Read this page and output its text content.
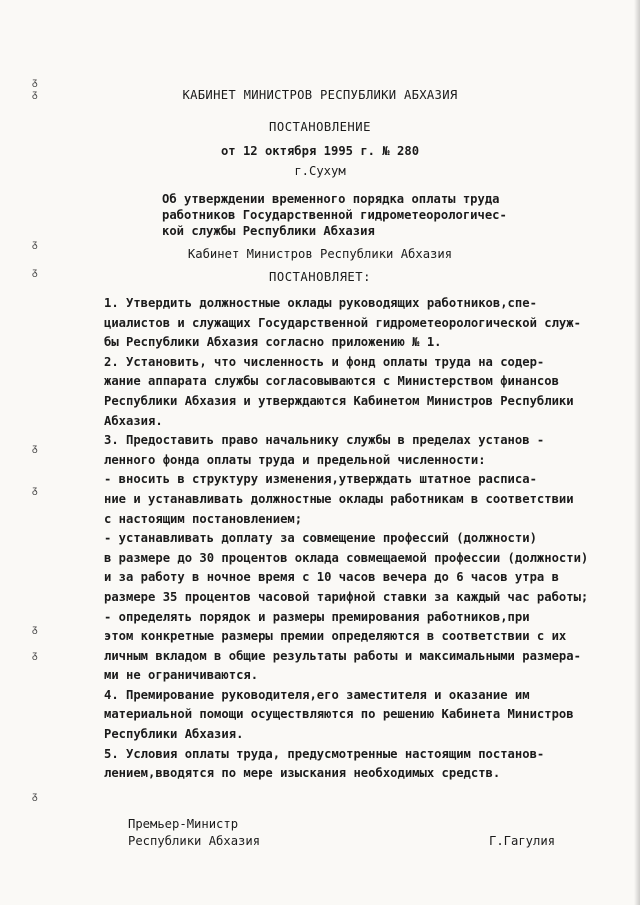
ᵹ
ᵹ
ᵹ
ᵹ
ᵹ
ᵹ
ᵹ
ᵹ
ᵹ
КАБИНЕТ МИНИСТРОВ РЕСПУБЛИКИ АБХАЗИЯ
ПОСТАНОВЛЕНИЕ
от 12 октября 1995 г. № 280
г.Сухум
Об утверждении временного порядка оплаты труда
работников Государственной гидрометеорологичес-
кой службы Республики Абхазия
Кабинет Министров Республики Абхазия
ПОСТАНОВЛЯЕТ:
1. Утвердить должностные оклады руководящих работников,спе-
циалистов и служащих Государственной гидрометеорологической служ-
бы Республики Абхазия согласно приложению № 1.
2. Установить, что численность и фонд оплаты труда на содер-
жание аппарата службы согласовываются с Министерством финансов
Республики Абхазия и утверждаются Кабинетом Министров Республики
Абхазия.
3. Предоставить право начальнику службы в пределах установ -
ленного фонда оплаты труда и предельной численности:
- вносить в структуру изменения,утверждать штатное расписа-
ние и устанавливать должностные оклады работникам в соответствии
с настоящим постановлением;
- устанавливать доплату за совмещение профессий (должности)
в размере до 30 процентов оклада совмещаемой профессии (должности)
и за работу в ночное время с 10 часов вечера до 6 часов утра в
размере 35 процентов часовой тарифной ставки за каждый час работы;
- определять порядок и размеры премирования работников,при
этом конкретные размеры премии определяются в соответствии с их
личным вкладом в общие результаты работы и максимальными размера-
ми не ограничиваются.
4. Премирование руководителя,его заместителя и оказание им
материальной помощи осуществляются по решению Кабинета Министров
Республики Абхазия.
5. Условия оплаты труда, предусмотренные настоящим постанов-
лением,вводятся по мере изыскания необходимых средств.
Премьер-Министр
Республики Абхазия	Г.Гагулия
